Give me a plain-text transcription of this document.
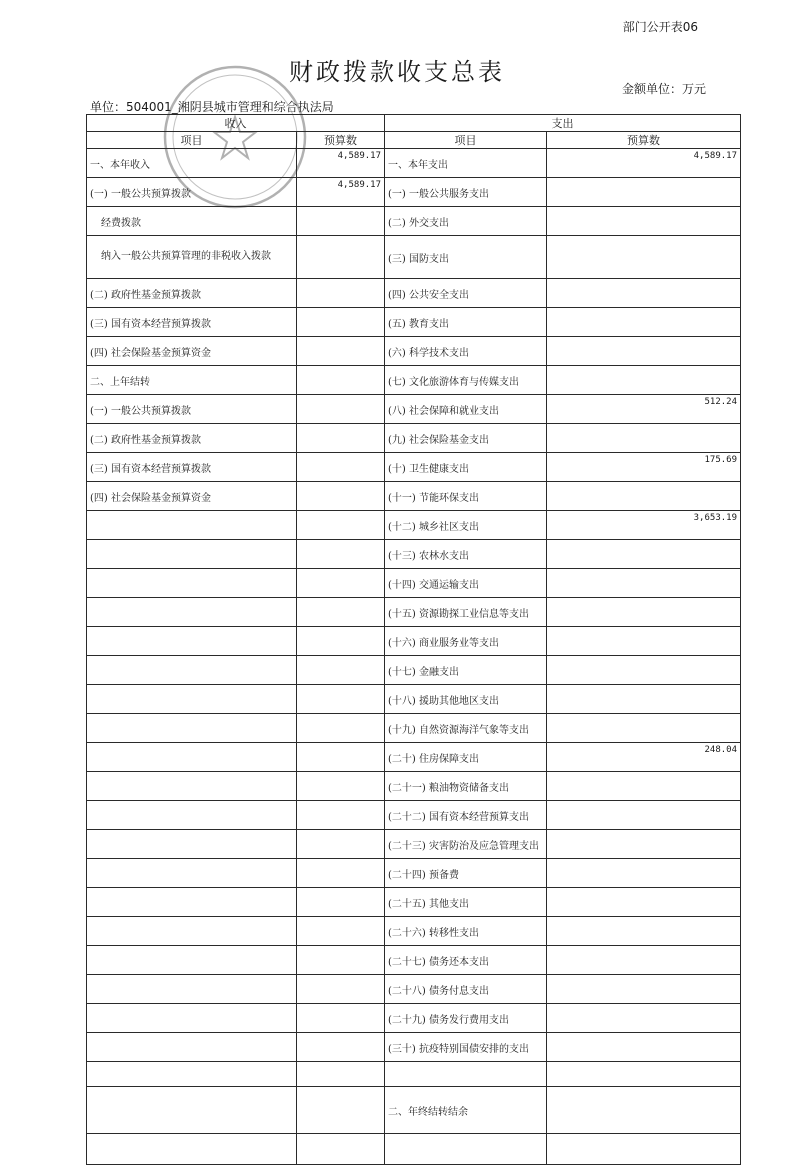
部门公开表06
财政拨款收支总表
金额单位：万元
单位：504001_湘阴县城市管理和综合执法局
收入		支出	
项目	预算数	项目	预算数
一、本年收入	4,589.17	一、本年支出	4,589.17
(一) 一般公共预算拨款	4,589.17	(一) 一般公共服务支出	
经费拨款		(二) 外交支出	
纳入一般公共预算管理的非税收入拨款		(三) 国防支出	
(二) 政府性基金预算拨款		(四) 公共安全支出	
(三) 国有资本经营预算拨款		(五) 教育支出	
(四) 社会保险基金预算资金		(六) 科学技术支出	
二、上年结转		(七) 文化旅游体育与传媒支出	
(一) 一般公共预算拨款		(八) 社会保障和就业支出	512.24
(二) 政府性基金预算拨款		(九) 社会保险基金支出	
(三) 国有资本经营预算拨款		(十) 卫生健康支出	175.69
(四) 社会保险基金预算资金		(十一) 节能环保支出	
		(十二) 城乡社区支出	3,653.19
		(十三) 农林水支出	
		(十四) 交通运输支出	
		(十五) 资源勘探工业信息等支出	
		(十六) 商业服务业等支出	
		(十七) 金融支出	
		(十八) 援助其他地区支出	
		(十九) 自然资源海洋气象等支出	
		(二十) 住房保障支出	248.04
		(二十一) 粮油物资储备支出	
		(二十二) 国有资本经营预算支出	
		(二十三) 灾害防治及应急管理支出	
		(二十四) 预备费	
		(二十五) 其他支出	
		(二十六) 转移性支出	
		(二十七) 债务还本支出	
		(二十八) 债务付息支出	
		(二十九) 债务发行费用支出	
		(三十) 抗疫特别国债安排的支出	

		二、年终结转结余	
